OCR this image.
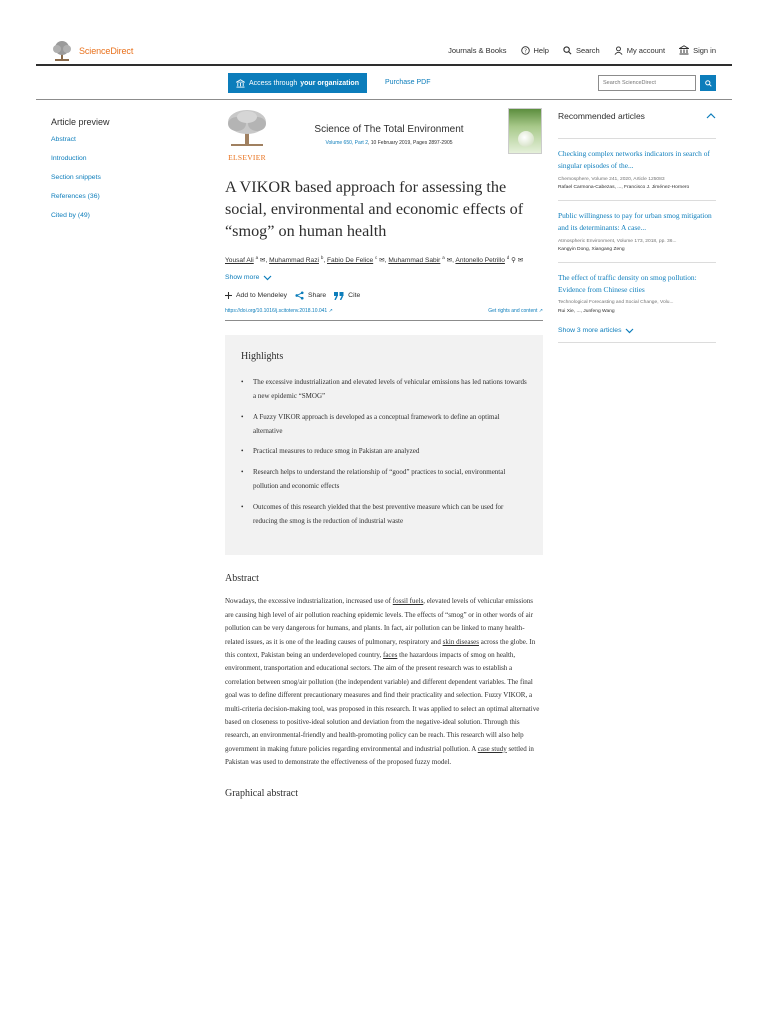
ScienceDirect	Journals & Books	? Help	Search	My account	Sign in
Access through your organization	Purchase PDF	Search ScienceDirect
Article preview
Abstract
Introduction
Section snippets
References (36)
Cited by (49)
ELSEVIER
Science of The Total Environment
Volume 650, Part 2, 10 February 2019, Pages 2897-2905
A VIKOR based approach for assessing the social, environmental and economic effects of “smog” on human health
Yousaf Ali $^a$ ✉, Muhammad Razi $^b$, Fabio De Felice $^c$ ✉, Muhammad Sabir $^a$ ✉, Antonello Petrillo $^d$ ⚲ ✉
Show more
Add to Mendeley	Share	Cite
https://doi.org/10.1016/j.scitotenv.2018.10.041 ↗	Get rights and content ↗
Highlights
• The excessive industrialization and elevated levels of vehicular emissions has led nations towards a new epidemic “SMOG”
• A Fuzzy VIKOR approach is developed as a conceptual framework to define an optimal alternative
• Practical measures to reduce smog in Pakistan are analyzed
• Research helps to understand the relationship of “good” practices to social, environmental pollution and economic effects
• Outcomes of this research yielded that the best preventive measure which can be used for reducing the smog is the reduction of industrial waste
Abstract

Nowadays, the excessive industrialization, increased use of fossil fuels, elevated levels of vehicular emissions are causing high level of air pollution reaching epidemic levels. The effects of “smog” or in other words of air pollution can be very dangerous for humans, and plants. In fact, air pollution can be linked to many health-related issues, as it is one of the leading causes of pulmonary, respiratory and skin diseases across the globe. In this context, Pakistan being an underdeveloped country, faces the hazardous impacts of smog on health, environment, transportation and educational sectors. The aim of the present research was to establish a correlation between smog/air pollution (the independent variable) and different dependent variables. The final goal was to define different precautionary measures and find their practicality and selection. Fuzzy VIKOR, a multi-criteria decision-making tool, was proposed in this research. It was applied to select an optimal alternative based on closeness to positive-ideal solution and deviation from the negative-ideal solution. Through this research, an environmental-friendly and health-promoting policy can be reach. This research will also help government in making future policies regarding environmental and industrial pollution. A case study settled in Pakistan was used to demonstrate the effectiveness of the proposed fuzzy model.

Graphical abstract
Recommended articles
Checking complex networks indicators in search of singular episodes of the...
Chemosphere, Volume 241, 2020, Article 125083
Rafael Carmona-Cabezas, ..., Francisco J. Jiménez-Hornero
Public willingness to pay for urban smog mitigation and its determinants: A case...
Atmospheric Environment, Volume 173, 2018, pp. 36...
Kangyin Dong, Xiangang Zeng
The effect of traffic density on smog pollution: Evidence from Chinese cities
Technological Forecasting and Social Change, Volu...
Rui Xie, ..., Junfeng Wang
Show 3 more articles
